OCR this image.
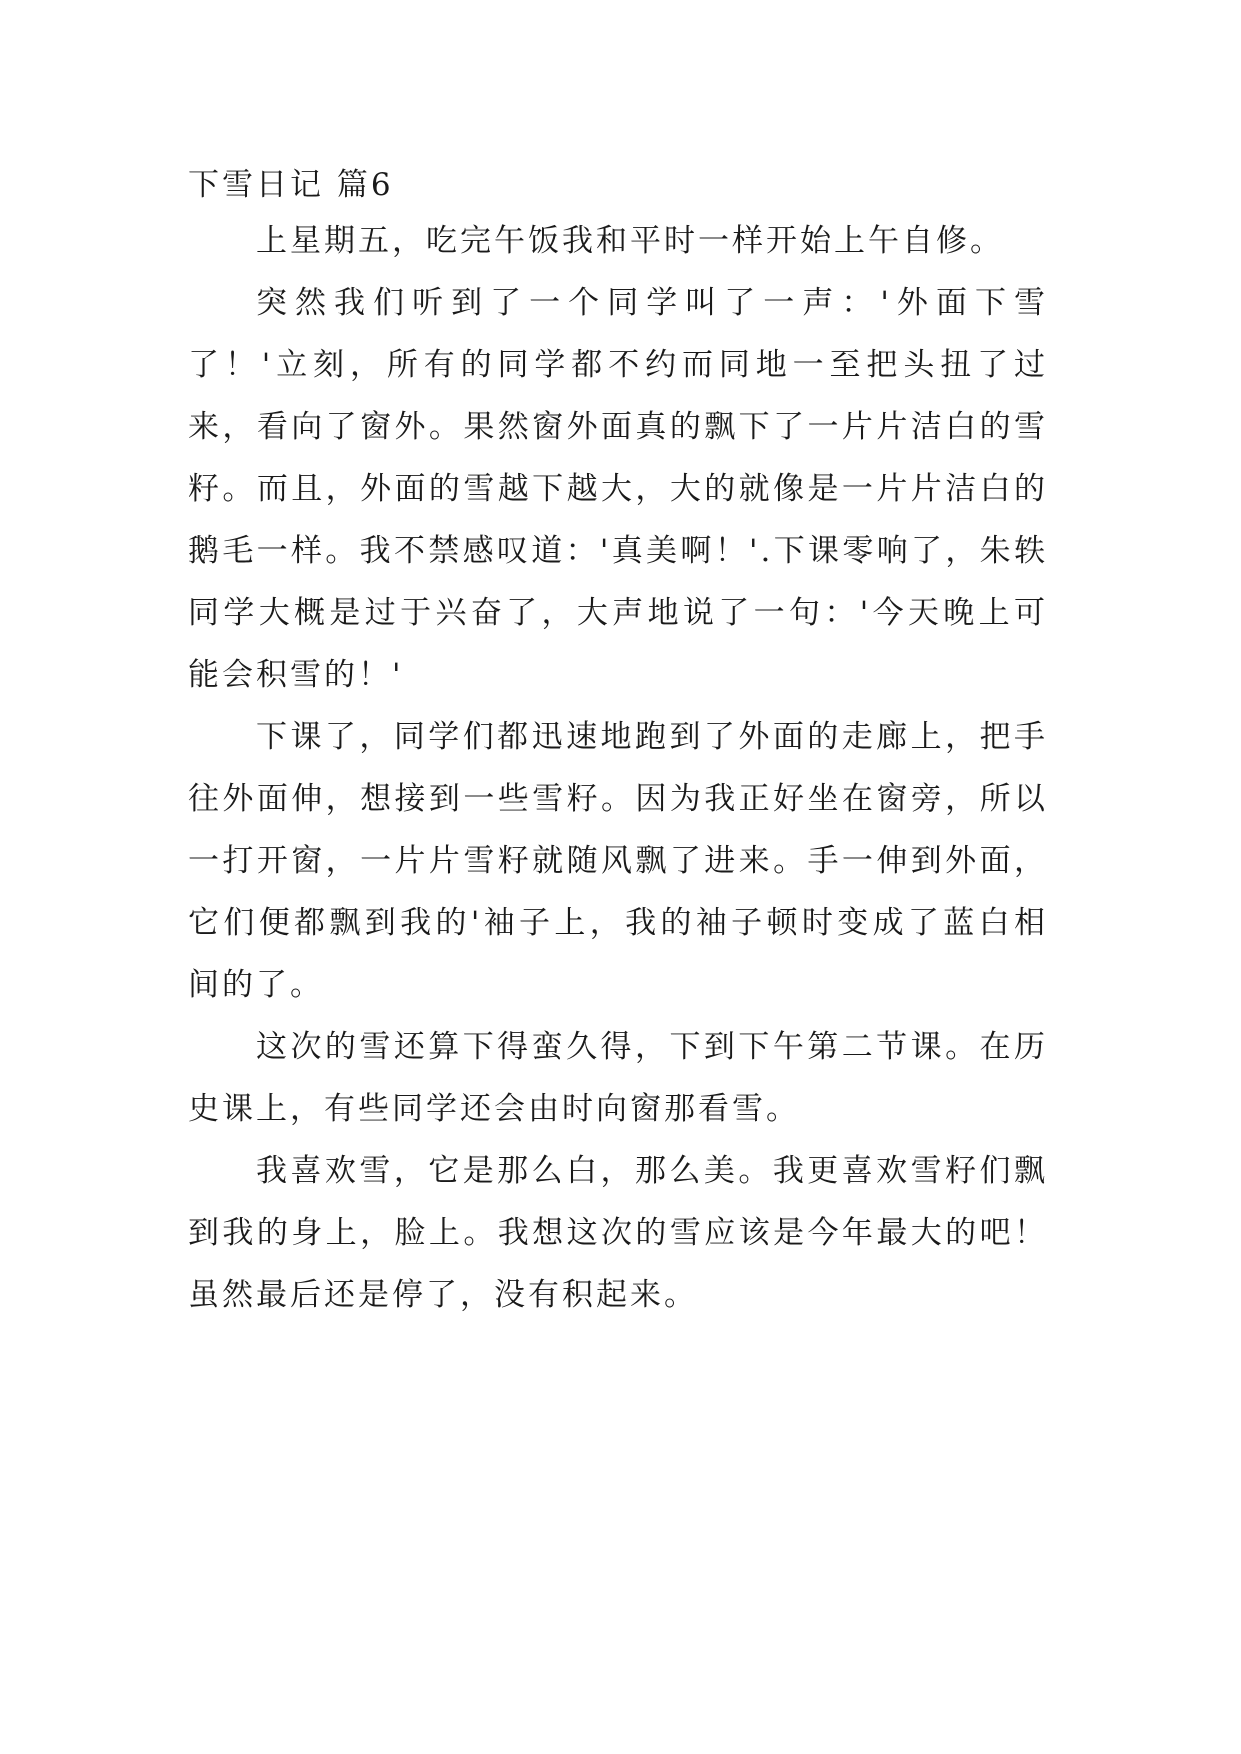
下雪日记 篇6

上星期五，吃完午饭我和平时一样开始上午自修。

突然我们听到了一个同学叫了一声：'外面下雪了！'立刻，所有的同学都不约而同地一至把头扭了过来，看向了窗外。果然窗外面真的飘下了一片片洁白的雪籽。而且，外面的雪越下越大，大的就像是一片片洁白的鹅毛一样。我不禁感叹道：'真美啊！'.下课零响了，朱轶同学大概是过于兴奋了，大声地说了一句：'今天晚上可能会积雪的！'

下课了，同学们都迅速地跑到了外面的走廊上，把手往外面伸，想接到一些雪籽。因为我正好坐在窗旁，所以一打开窗，一片片雪籽就随风飘了进来。手一伸到外面，它们便都飘到我的'袖子上，我的袖子顿时变成了蓝白相间的了。

这次的雪还算下得蛮久得，下到下午第二节课。在历史课上，有些同学还会由时向窗那看雪。

我喜欢雪，它是那么白，那么美。我更喜欢雪籽们飘到我的身上，脸上。我想这次的雪应该是今年最大的吧！虽然最后还是停了，没有积起来。
